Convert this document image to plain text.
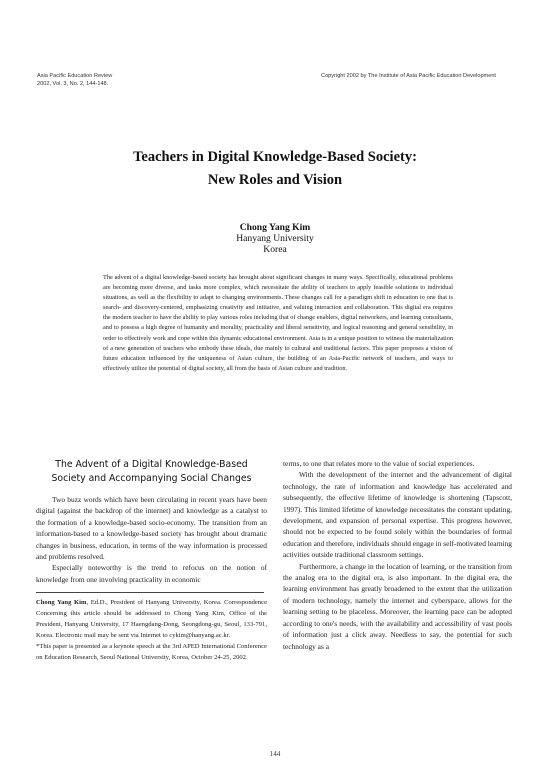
Asia Pacific Education Review
2002, Vol. 3, No. 2, 144-148.
Copyright 2002 by The Institute of Asia Pacific Education Development
Teachers in Digital Knowledge-Based Society:
New Roles and Vision
Chong Yang Kim
Hanyang University
Korea

The advent of a digital knowledge-based society has brought about significant changes in many ways. Specifically, educational problems are becoming more diverse, and tasks more complex, which necessitate the ability of teachers to apply feasible solutions to individual situations, as well as the flexibility to adapt to changing environments. These changes call for a paradigm shift in education to one that is search- and discovery-centered, emphasizing creativity and initiative, and valuing interaction and collaboration. This digital era requires the modern teacher to have the ability to play various roles including that of change enablers, digital networkers, and learning consultants, and to possess a high degree of humanity and morality, practicality and liberal sensitivity, and logical reasoning and general sensibility, in order to effectively work and cope within this dynamic educational environment. Asia is in a unique position to witness the materialization of a new generation of teachers who embody these ideals, due mainly to cultural and traditional factors. This paper proposes a vision of future education influenced by the uniqueness of Asian culture, the building of an Asia-Pacific network of teachers, and ways to effectively utilize the potential of digital society, all from the basis of Asian culture and tradition.

The Advent of a Digital Knowledge-Based
Society and Accompanying Social Changes

Two buzz words which have been circulating in recent years have been digital (against the backdrop of the internet) and knowledge as a catalyst to the formation of a knowledge-based socio-economy. The transition from an information-based to a knowledge-based society has brought about dramatic changes in business, education, in terms of the way information is processed and problems resolved.

Especially noteworthy is the trend to refocus on the notion of knowledge from one involving practicality in economic

Chong Yang Kim, Ed.D., President of Hanyang University, Korea. Correspondence Concerning this article should be addressed to Chong Yang Kim, Office of the President, Hanyang University, 17 Haengdang-Dong, Seongdong-gu, Seoul, 133-791, Korea. Electronic mail may be sent via Internet to cykim@hanyang.ac.kr.

*This paper is presented as a keynote speech at the 3rd APED International Conference on Education Research, Seoul National University, Korea, October 24-25, 2002.

terms, to one that relates more to the value of social experiences.

With the development of the internet and the advancement of digital technology, the rate of information and knowledge has accelerated and subsequently, the effective lifetime of knowledge is shortening (Tapscott, 1997). This limited lifetime of knowledge necessitates the constant updating, development, and expansion of personal expertise. This progress however, should not be expected to be found solely within the boundaries of formal education and therefore, individuals should engage in self-motivated learning activities outside traditional classroom settings.

Furthermore, a change in the location of learning, or the transition from the analog era to the digital era, is also important. In the digital era, the learning environment has greatly broadened to the extent that the utilization of modern technology, namely the internet and cyberspace, allows for the learning setting to be placeless. Moreover, the learning pace can be adopted according to one's needs, with the availability and accessibility of vast pools of information just a click away. Needless to say, the potential for such technology as a

144
